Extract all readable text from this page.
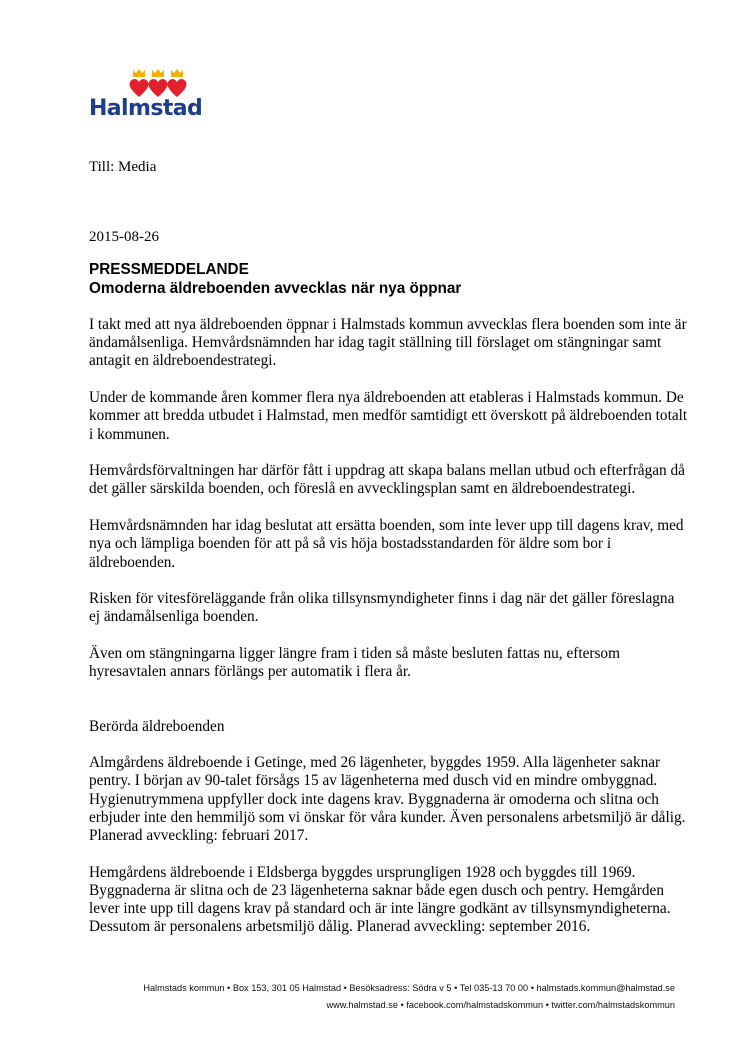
Halmstad
Till: Media
2015-08-26
PRESSMEDDELANDE
Omoderna äldreboenden avvecklas när nya öppnar

I takt med att nya äldreboenden öppnar i Halmstads kommun avvecklas flera boenden som inte är ändamålsenliga. Hemvårdsnämnden har idag tagit ställning till förslaget om stängningar samt antagit en äldreboendestrategi.

Under de kommande åren kommer flera nya äldreboenden att etableras i Halmstads kommun. De kommer att bredda utbudet i Halmstad, men medför samtidigt ett överskott på äldreboenden totalt i kommunen.

Hemvårdsförvaltningen har därför fått i uppdrag att skapa balans mellan utbud och efterfrågan då det gäller särskilda boenden, och föreslå en avvecklingsplan samt en äldreboendestrategi.

Hemvårdsnämnden har idag beslutat att ersätta boenden, som inte lever upp till dagens krav, med nya och lämpliga boenden för att på så vis höja bostadsstandarden för äldre som bor i äldreboenden.

Risken för vitesföreläggande från olika tillsynsmyndigheter finns i dag när det gäller föreslagna ej ändamålsenliga boenden.

Även om stängningarna ligger längre fram i tiden så måste besluten fattas nu, eftersom hyresavtalen annars förlängs per automatik i flera år.

Berörda äldreboenden

Almgårdens äldreboende i Getinge, med 26 lägenheter, byggdes 1959. Alla lägenheter saknar pentry. I början av 90-talet försågs 15 av lägenheterna med dusch vid en mindre ombyggnad. Hygienutrymmena uppfyller dock inte dagens krav. Byggnaderna är omoderna och slitna och erbjuder inte den hemmiljö som vi önskar för våra kunder. Även personalens arbetsmiljö är dålig. Planerad avveckling: februari 2017.

Hemgårdens äldreboende i Eldsberga byggdes ursprungligen 1928 och byggdes till 1969. Byggnaderna är slitna och de 23 lägenheterna saknar både egen dusch och pentry. Hemgården lever inte upp till dagens krav på standard och är inte längre godkänt av tillsynsmyndigheterna. Dessutom är personalens arbetsmiljö dålig. Planerad avveckling: september 2016.

Halmstads kommun • Box 153, 301 05 Halmstad • Besöksadress: Södra v 5 • Tel 035-13 70 00 • halmstads.kommun@halmstad.se
www.halmstad.se • facebook.com/halmstadskommun • twitter.com/halmstadskommun
